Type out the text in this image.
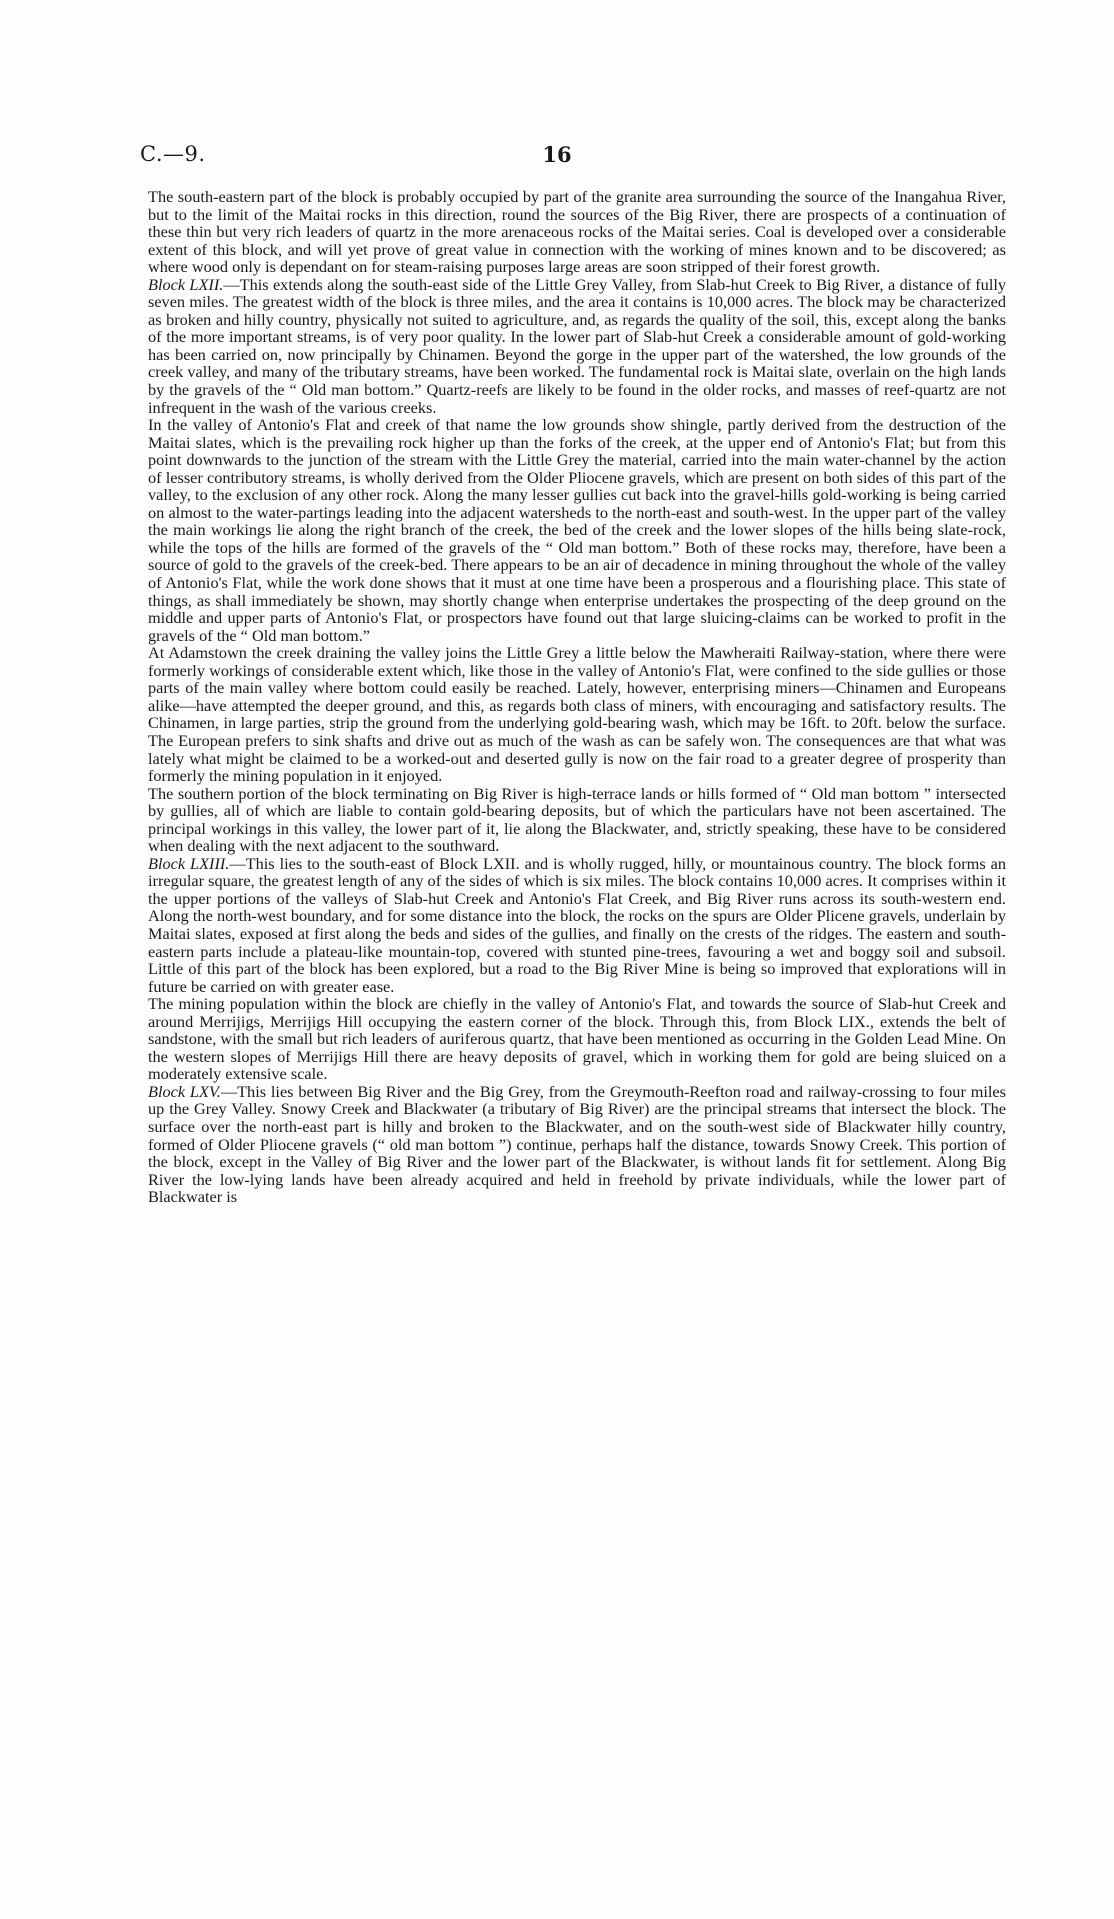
C.—9.	16

The south-eastern part of the block is probably occupied by part of the granite area surrounding the source of the Inangahua River, but to the limit of the Maitai rocks in this direction, round the sources of the Big River, there are prospects of a continuation of these thin but very rich leaders of quartz in the more arenaceous rocks of the Maitai series. Coal is developed over a considerable extent of this block, and will yet prove of great value in connection with the working of mines known and to be discovered; as where wood only is dependant on for steam-raising purposes large areas are soon stripped of their forest growth.

Block LXII.—This extends along the south-east side of the Little Grey Valley, from Slab-hut Creek to Big River, a distance of fully seven miles. The greatest width of the block is three miles, and the area it contains is 10,000 acres. The block may be characterized as broken and hilly country, physically not suited to agriculture, and, as regards the quality of the soil, this, except along the banks of the more important streams, is of very poor quality. In the lower part of Slab-hut Creek a considerable amount of gold-working has been carried on, now principally by Chinamen. Beyond the gorge in the upper part of the watershed, the low grounds of the creek valley, and many of the tributary streams, have been worked. The fundamental rock is Maitai slate, overlain on the high lands by the gravels of the “ Old man bottom.” Quartz-reefs are likely to be found in the older rocks, and masses of reef-quartz are not infrequent in the wash of the various creeks.

In the valley of Antonio's Flat and creek of that name the low grounds show shingle, partly derived from the destruction of the Maitai slates, which is the prevailing rock higher up than the forks of the creek, at the upper end of Antonio's Flat; but from this point downwards to the junction of the stream with the Little Grey the material, carried into the main water-channel by the action of lesser contributory streams, is wholly derived from the Older Pliocene gravels, which are present on both sides of this part of the valley, to the exclusion of any other rock. Along the many lesser gullies cut back into the gravel-hills gold-working is being carried on almost to the water-partings leading into the adjacent watersheds to the north-east and south-west. In the upper part of the valley the main workings lie along the right branch of the creek, the bed of the creek and the lower slopes of the hills being slate-rock, while the tops of the hills are formed of the gravels of the “ Old man bottom.” Both of these rocks may, therefore, have been a source of gold to the gravels of the creek-bed. There appears to be an air of decadence in mining throughout the whole of the valley of Antonio's Flat, while the work done shows that it must at one time have been a prosperous and a flourishing place. This state of things, as shall immediately be shown, may shortly change when enterprise undertakes the prospecting of the deep ground on the middle and upper parts of Antonio's Flat, or prospectors have found out that large sluicing-claims can be worked to profit in the gravels of the “ Old man bottom.”

At Adamstown the creek draining the valley joins the Little Grey a little below the Mawheraiti Railway-station, where there were formerly workings of considerable extent which, like those in the valley of Antonio's Flat, were confined to the side gullies or those parts of the main valley where bottom could easily be reached. Lately, however, enterprising miners—Chinamen and Europeans alike—have attempted the deeper ground, and this, as regards both class of miners, with encouraging and satisfactory results. The Chinamen, in large parties, strip the ground from the underlying gold-bearing wash, which may be 16ft. to 20ft. below the surface. The European prefers to sink shafts and drive out as much of the wash as can be safely won. The consequences are that what was lately what might be claimed to be a worked-out and deserted gully is now on the fair road to a greater degree of prosperity than formerly the mining population in it enjoyed.

The southern portion of the block terminating on Big River is high-terrace lands or hills formed of “ Old man bottom ” intersected by gullies, all of which are liable to contain gold-bearing deposits, but of which the particulars have not been ascertained. The principal workings in this valley, the lower part of it, lie along the Blackwater, and, strictly speaking, these have to be considered when dealing with the next adjacent to the southward.

Block LXIII.—This lies to the south-east of Block LXII. and is wholly rugged, hilly, or mountainous country. The block forms an irregular square, the greatest length of any of the sides of which is six miles. The block contains 10,000 acres. It comprises within it the upper portions of the valleys of Slab-hut Creek and Antonio's Flat Creek, and Big River runs across its south-western end. Along the north-west boundary, and for some distance into the block, the rocks on the spurs are Older Plicene gravels, underlain by Maitai slates, exposed at first along the beds and sides of the gullies, and finally on the crests of the ridges. The eastern and south-eastern parts include a plateau-like mountain-top, covered with stunted pine-trees, favouring a wet and boggy soil and subsoil. Little of this part of the block has been explored, but a road to the Big River Mine is being so improved that explorations will in future be carried on with greater ease.

The mining population within the block are chiefly in the valley of Antonio's Flat, and towards the source of Slab-hut Creek and around Merrijigs, Merrijigs Hill occupying the eastern corner of the block. Through this, from Block LIX., extends the belt of sandstone, with the small but rich leaders of auriferous quartz, that have been mentioned as occurring in the Golden Lead Mine. On the western slopes of Merrijigs Hill there are heavy deposits of gravel, which in working them for gold are being sluiced on a moderately extensive scale.

Block LXV.—This lies between Big River and the Big Grey, from the Greymouth-Reefton road and railway-crossing to four miles up the Grey Valley. Snowy Creek and Blackwater (a tributary of Big River) are the principal streams that intersect the block. The surface over the north-east part is hilly and broken to the Blackwater, and on the south-west side of Blackwater hilly country, formed of Older Pliocene gravels (“ old man bottom ”) continue, perhaps half the distance, towards Snowy Creek. This portion of the block, except in the Valley of Big River and the lower part of the Blackwater, is without lands fit for settlement. Along Big River the low-lying lands have been already acquired and held in freehold by private individuals, while the lower part of Blackwater is
